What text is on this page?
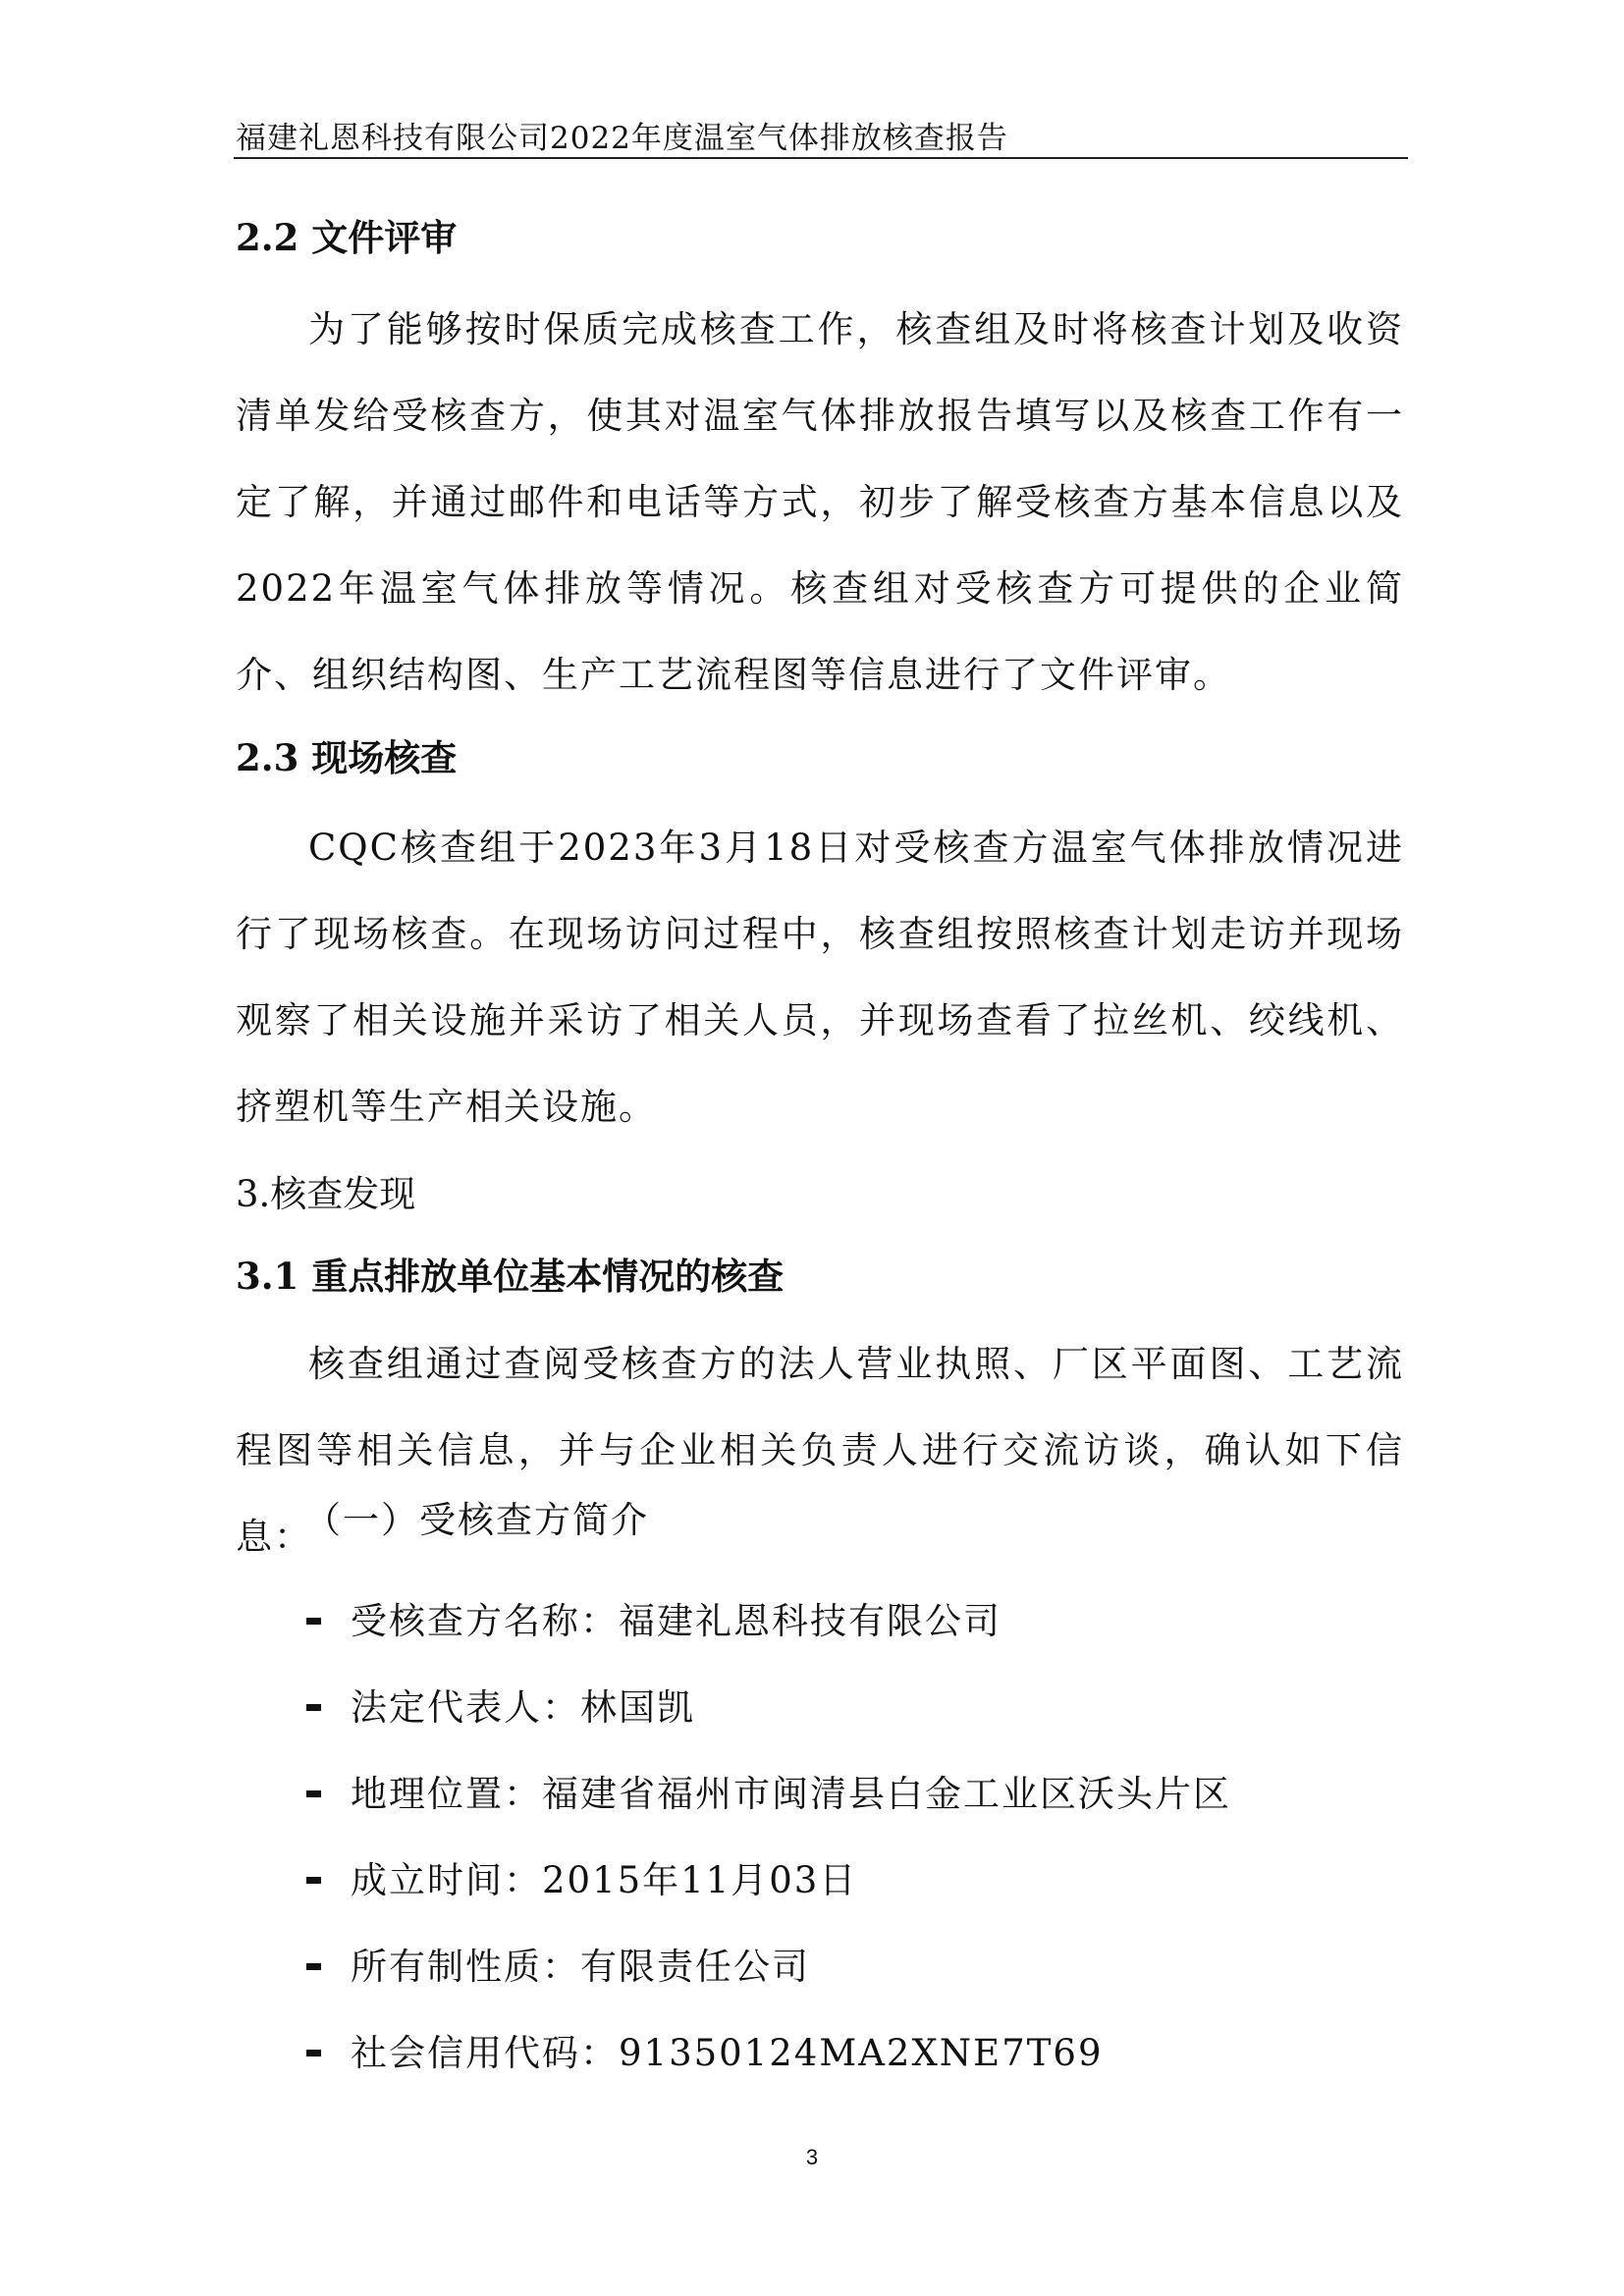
福建礼恩科技有限公司2022年度温室气体排放核查报告
2.2 文件评审
为了能够按时保质完成核查工作，核查组及时将核查计划及收资清单发给受核查方，使其对温室气体排放报告填写以及核查工作有一定了解，并通过邮件和电话等方式，初步了解受核查方基本信息以及2022年温室气体排放等情况。核查组对受核查方可提供的企业简介、组织结构图、生产工艺流程图等信息进行了文件评审。
2.3 现场核查
CQC核查组于2023年3月18日对受核查方温室气体排放情况进行了现场核查。在现场访问过程中，核查组按照核查计划走访并现场观察了相关设施并采访了相关人员，并现场查看了拉丝机、绞线机、挤塑机等生产相关设施。
3.核查发现
3.1 重点排放单位基本情况的核查
核查组通过查阅受核查方的法人营业执照、厂区平面图、工艺流程图等相关信息，并与企业相关负责人进行交流访谈，确认如下信息：
（一）受核查方简介
受核查方名称：福建礼恩科技有限公司
法定代表人：林国凯
地理位置：福建省福州市闽清县白金工业区沃头片区
成立时间：2015年11月03日
所有制性质：有限责任公司
社会信用代码：91350124MA2XNE7T69
3
